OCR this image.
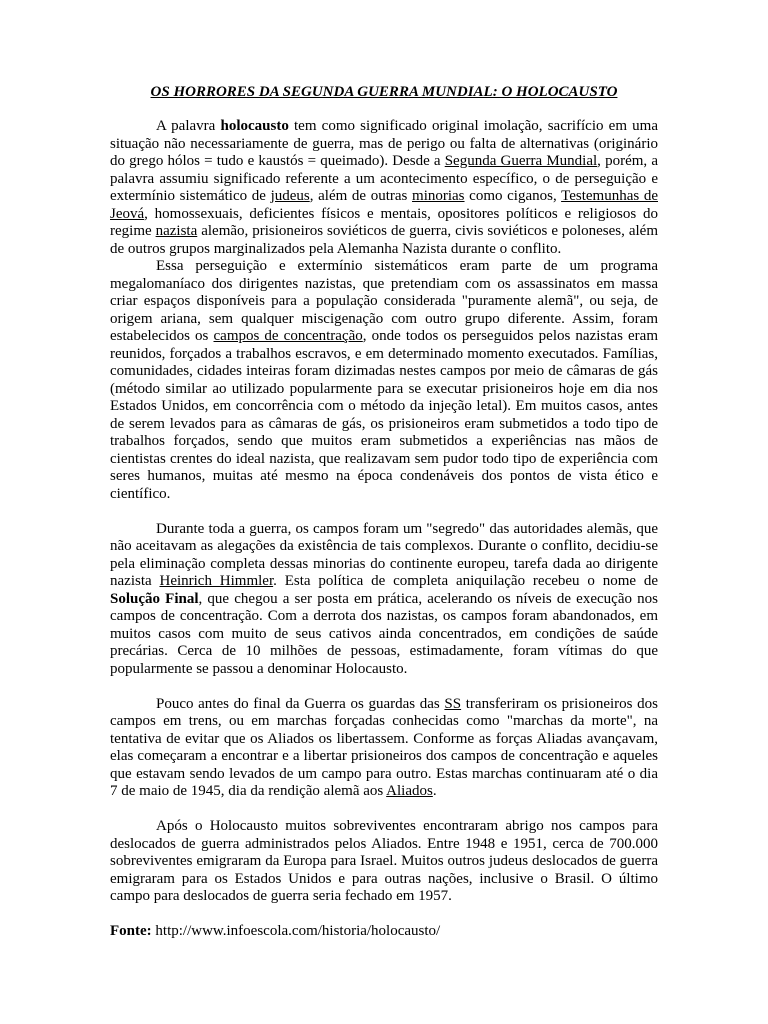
OS HORRORES DA SEGUNDA GUERRA MUNDIAL: O HOLOCAUSTO

A palavra holocausto tem como significado original imolação, sacrifício em uma situação não necessariamente de guerra, mas de perigo ou falta de alternativas (originário do grego hólos = tudo e kaustós = queimado). Desde a Segunda Guerra Mundial, porém, a palavra assumiu significado referente a um acontecimento específico, o de perseguição e extermínio sistemático de judeus, além de outras minorias como ciganos, Testemunhas de Jeová, homossexuais, deficientes físicos e mentais, opositores políticos e religiosos do regime nazista alemão, prisioneiros soviéticos de guerra, civis soviéticos e poloneses, além de outros grupos marginalizados pela Alemanha Nazista durante o conflito.

Essa perseguição e extermínio sistemáticos eram parte de um programa megalomaníaco dos dirigentes nazistas, que pretendiam com os assassinatos em massa criar espaços disponíveis para a população considerada "puramente alemã", ou seja, de origem ariana, sem qualquer miscigenação com outro grupo diferente. Assim, foram estabelecidos os campos de concentração, onde todos os perseguidos pelos nazistas eram reunidos, forçados a trabalhos escravos, e em determinado momento executados. Famílias, comunidades, cidades inteiras foram dizimadas nestes campos por meio de câmaras de gás (método similar ao utilizado popularmente para se executar prisioneiros hoje em dia nos Estados Unidos, em concorrência com o método da injeção letal). Em muitos casos, antes de serem levados para as câmaras de gás, os prisioneiros eram submetidos a todo tipo de trabalhos forçados, sendo que muitos eram submetidos a experiências nas mãos de cientistas crentes do ideal nazista, que realizavam sem pudor todo tipo de experiência com seres humanos, muitas até mesmo na época condenáveis dos pontos de vista ético e científico.

Durante toda a guerra, os campos foram um "segredo" das autoridades alemãs, que não aceitavam as alegações da existência de tais complexos. Durante o conflito, decidiu-se pela eliminação completa dessas minorias do continente europeu, tarefa dada ao dirigente nazista Heinrich Himmler. Esta política de completa aniquilação recebeu o nome de Solução Final, que chegou a ser posta em prática, acelerando os níveis de execução nos campos de concentração. Com a derrota dos nazistas, os campos foram abandonados, em muitos casos com muito de seus cativos ainda concentrados, em condições de saúde precárias. Cerca de 10 milhões de pessoas, estimadamente, foram vítimas do que popularmente se passou a denominar Holocausto.

Pouco antes do final da Guerra os guardas das SS transferiram os prisioneiros dos campos em trens, ou em marchas forçadas conhecidas como "marchas da morte", na tentativa de evitar que os Aliados os libertassem. Conforme as forças Aliadas avançavam, elas começaram a encontrar e a libertar prisioneiros dos campos de concentração e aqueles que estavam sendo levados de um campo para outro. Estas marchas continuaram até o dia 7 de maio de 1945, dia da rendição alemã aos Aliados.

Após o Holocausto muitos sobreviventes encontraram abrigo nos campos para deslocados de guerra administrados pelos Aliados. Entre 1948 e 1951, cerca de 700.000 sobreviventes emigraram da Europa para Israel. Muitos outros judeus deslocados de guerra emigraram para os Estados Unidos e para outras nações, inclusive o Brasil. O último campo para deslocados de guerra seria fechado em 1957.

Fonte: http://www.infoescola.com/historia/holocausto/
